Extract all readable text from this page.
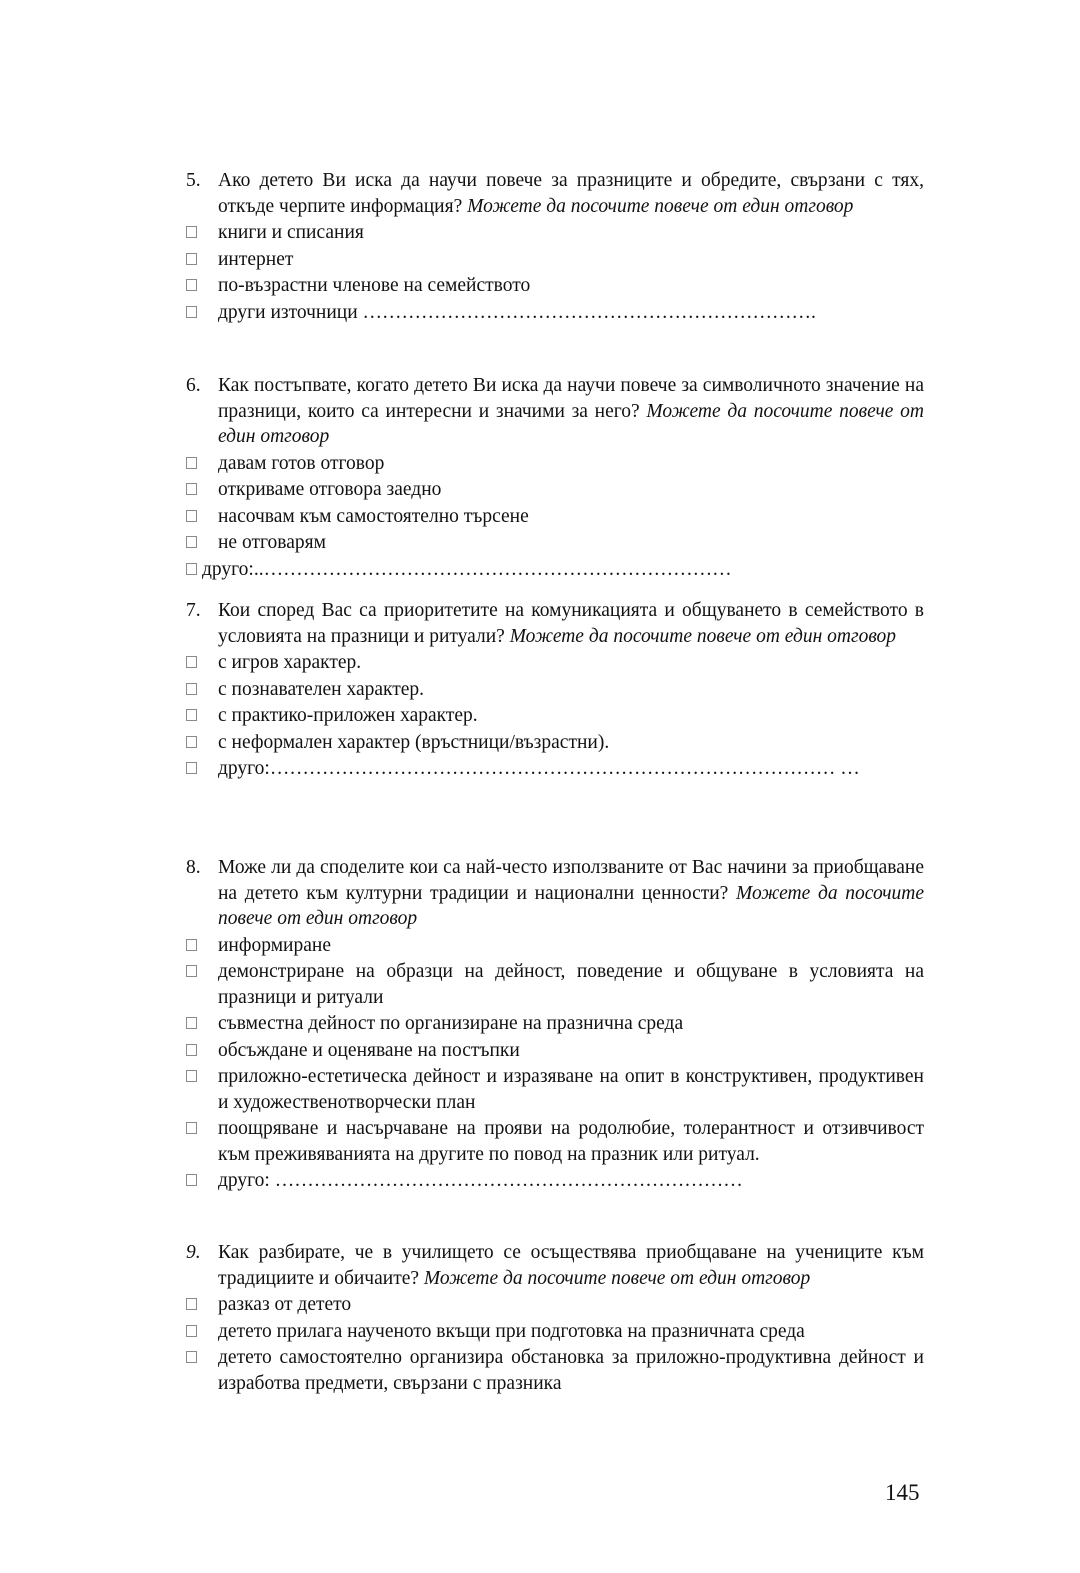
5. Ако детето Ви иска да научи повече за празниците и обредите, свързани с тях, откъде черпите информация? Можете да посочите повече от един отговор
книги и списания
интернет
по-възрастни членове на семейството
други източници …………………………………………………………….
6. Как постъпвате, когато детето Ви иска да научи повече за символичното значение на празници, които са интересни и значими за него? Можете да посочите повече от един отговор
давам готов отговор
откриваме отговора заедно
насочвам към самостоятелно търсене
не отговарям
друго:..………………………………………………………………
7. Кои според Вас са приоритетите на комуникацията и общуването в семейството в условията на празници и ритуали? Можете да посочите повече от един отговор
с игров характер.
с познавателен характер.
с практико-приложен характер.
с неформален характер (връстници/възрастни).
друго:…………………………………………………………………………… …
8. Може ли да споделите кои са най-често използваните от Вас начини за приобщаване на детето към културни традиции и национални ценности? Можете да посочите повече от един отговор
информиране
демонстриране на образци на дейност, поведение и общуване в условията на празници и ритуали
съвместна дейност по организиране на празнична среда
обсъждане и оценяване на постъпки
приложно-естетическа дейност и изразяване на опит в конструктивен, продуктивен и художественотворчески план
поощряване и насърчаване на прояви на родолюбие, толерантност и отзивчивост към преживяванията на другите по повод на празник или ритуал.
друго: ………………………………………………………………
9. Как разбирате, че в училището се осъществява приобщаване на учениците към традициите и обичаите? Можете да посочите повече от един отговор
разказ от детето
детето прилага наученото вкъщи при подготовка на празничната среда
детето самостоятелно организира обстановка за приложно-продуктивна дейност и изработва предмети, свързани с празника
145
